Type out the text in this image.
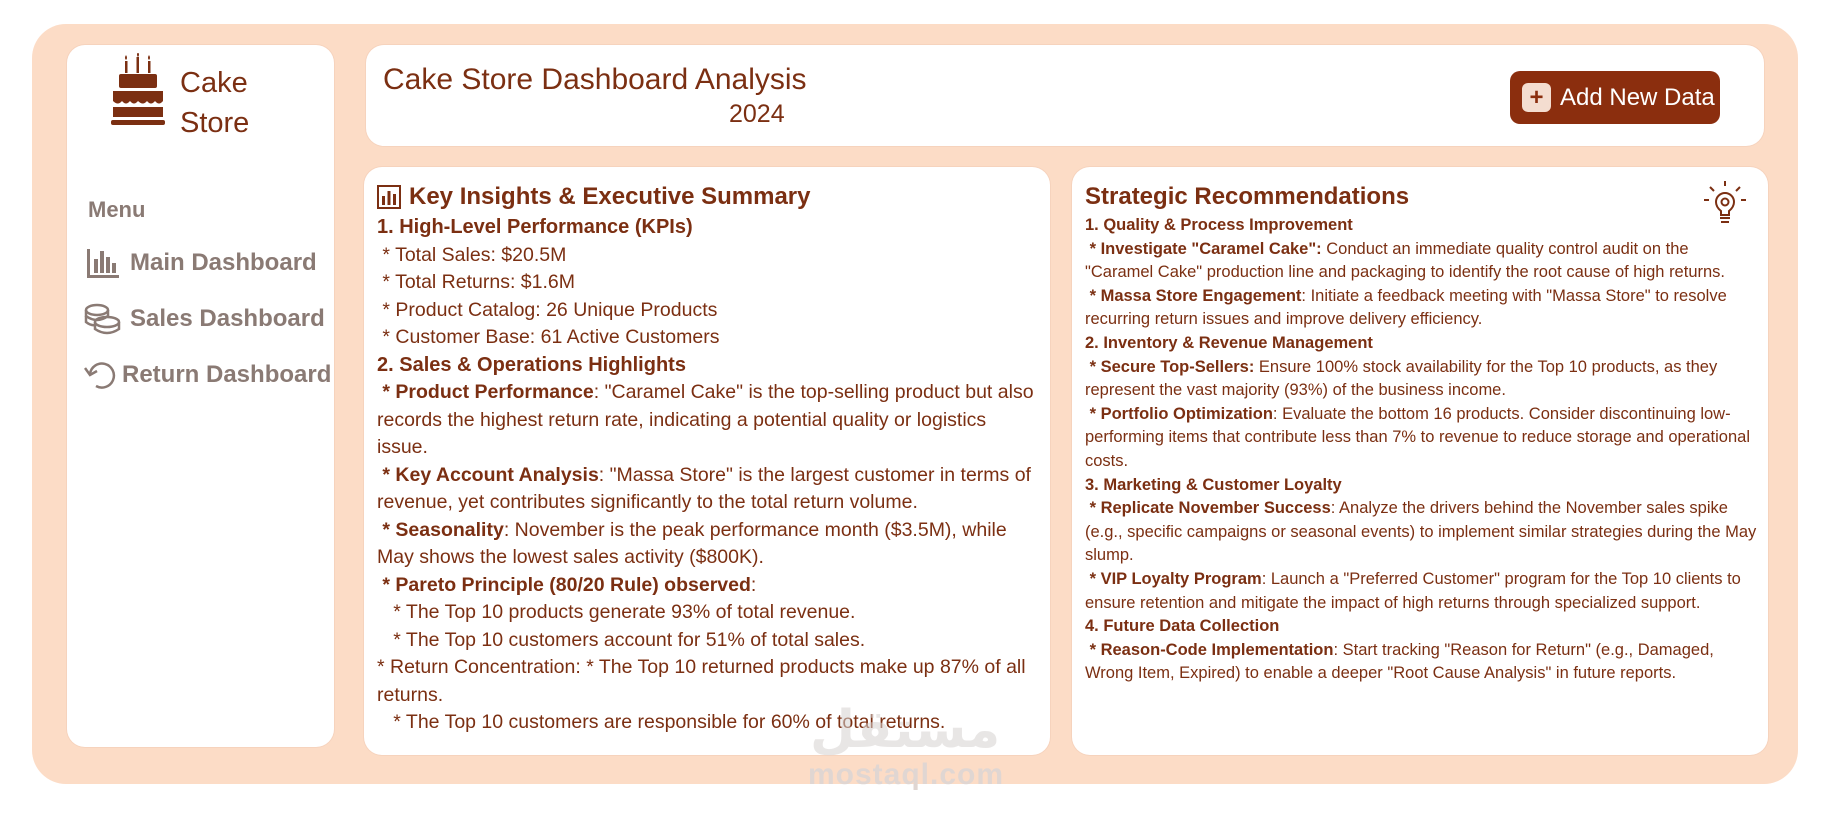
Cake
Store
Menu
Main Dashboard
Sales Dashboard
Return Dashboard
Cake Store Dashboard Analysis
2024
+ Add New Data
Key Insights & Executive Summary
1. High-Level Performance (KPIs)
* Total Sales: $20.5M
* Total Returns: $1.6M
* Product Catalog: 26 Unique Products
* Customer Base: 61 Active Customers
2. Sales & Operations Highlights
* Product Performance: "Caramel Cake" is the top-selling product but also records the highest return rate, indicating a potential quality or logistics issue.
* Key Account Analysis: "Massa Store" is the largest customer in terms of revenue, yet contributes significantly to the total return volume.
* Seasonality: November is the peak performance month ($3.5M), while May shows the lowest sales activity ($800K).
* Pareto Principle (80/20 Rule) observed:
* The Top 10 products generate 93% of total revenue.
* The Top 10 customers account for 51% of total sales.
* Return Concentration: * The Top 10 returned products make up 87% of all returns.
* The Top 10 customers are responsible for 60% of total returns.
Strategic Recommendations
1. Quality & Process Improvement
* Investigate "Caramel Cake": Conduct an immediate quality control audit on the "Caramel Cake" production line and packaging to identify the root cause of high returns.
* Massa Store Engagement: Initiate a feedback meeting with "Massa Store" to resolve recurring return issues and improve delivery efficiency.
2. Inventory & Revenue Management
* Secure Top-Sellers: Ensure 100% stock availability for the Top 10 products, as they represent the vast majority (93%) of the business income.
* Portfolio Optimization: Evaluate the bottom 16 products. Consider discontinuing low-performing items that contribute less than 7% to revenue to reduce storage and operational costs.
3. Marketing & Customer Loyalty
* Replicate November Success: Analyze the drivers behind the November sales spike (e.g., specific campaigns or seasonal events) to implement similar strategies during the May slump.
* VIP Loyalty Program: Launch a "Preferred Customer" program for the Top 10 clients to ensure retention and mitigate the impact of high returns through specialized support.
4. Future Data Collection
* Reason-Code Implementation: Start tracking "Reason for Return" (e.g., Damaged, Wrong Item, Expired) to enable a deeper "Root Cause Analysis" in future reports.
مستقل
mostaql.com
